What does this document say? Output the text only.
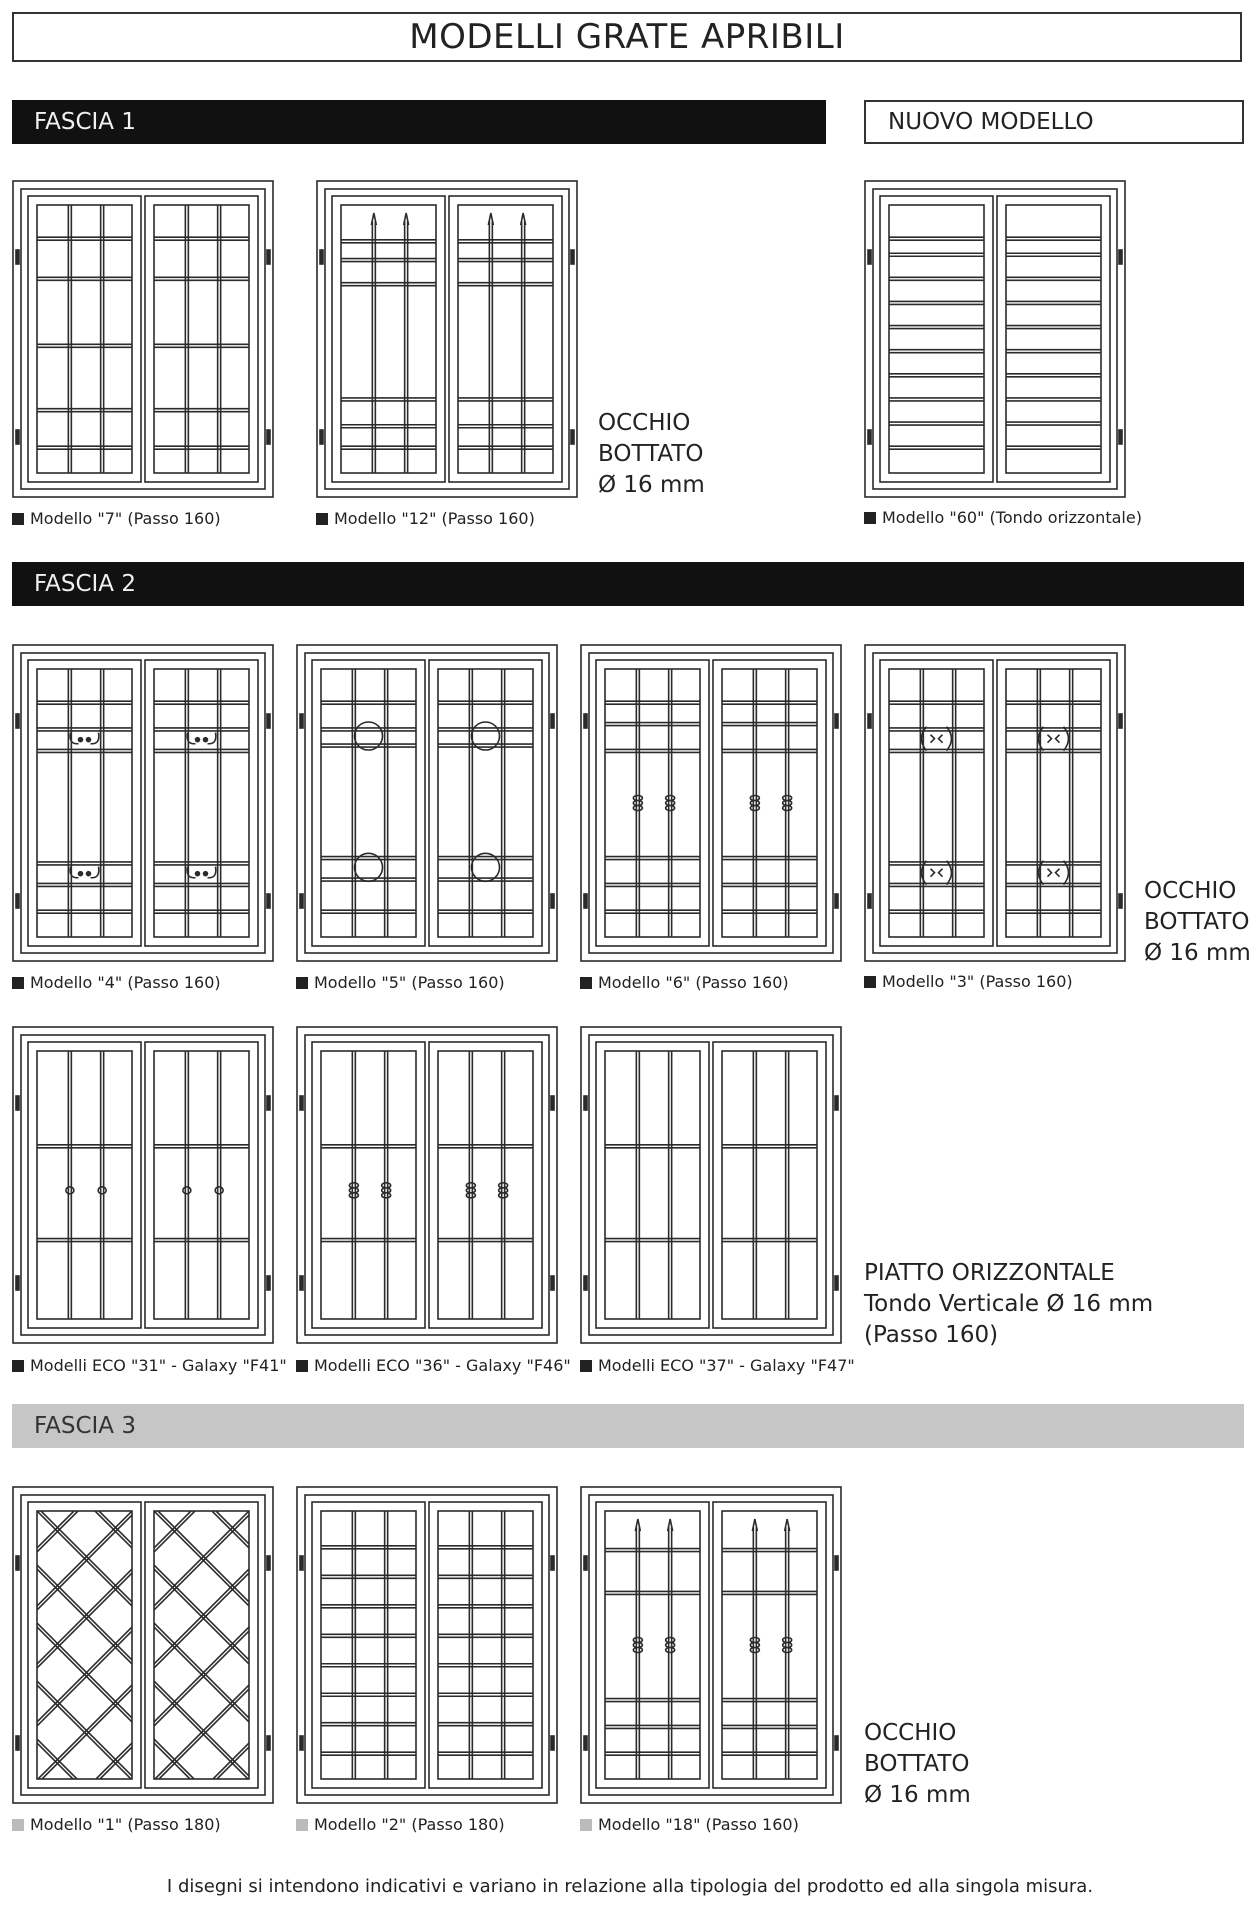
MODELLI GRATE APRIBILI
FASCIA 1	NUOVO MODELLO
Modello "7" (Passo 160)	Modello "12" (Passo 160)	Modello "60" (Tondo orizzontale)
OCCHIO
BOTTATO
Ø 16 mm
FASCIA 2
Modello "4" (Passo 160)	Modello "5" (Passo 160)	Modello "6" (Passo 160)	Modello "3" (Passo 160)
OCCHIO
BOTTATO
Ø 16 mm
Modelli ECO "31" - Galaxy "F41"	Modelli ECO "36" - Galaxy "F46"	Modelli ECO "37" - Galaxy "F47"
PIATTO ORIZZONTALE
Tondo Verticale Ø 16 mm
(Passo 160)
FASCIA 3
Modello "1" (Passo 180)	Modello "2" (Passo 180)	Modello "18" (Passo 160)
OCCHIO
BOTTATO
Ø 16 mm
I disegni si intendono indicativi e variano in relazione alla tipologia del prodotto ed alla singola misura.
